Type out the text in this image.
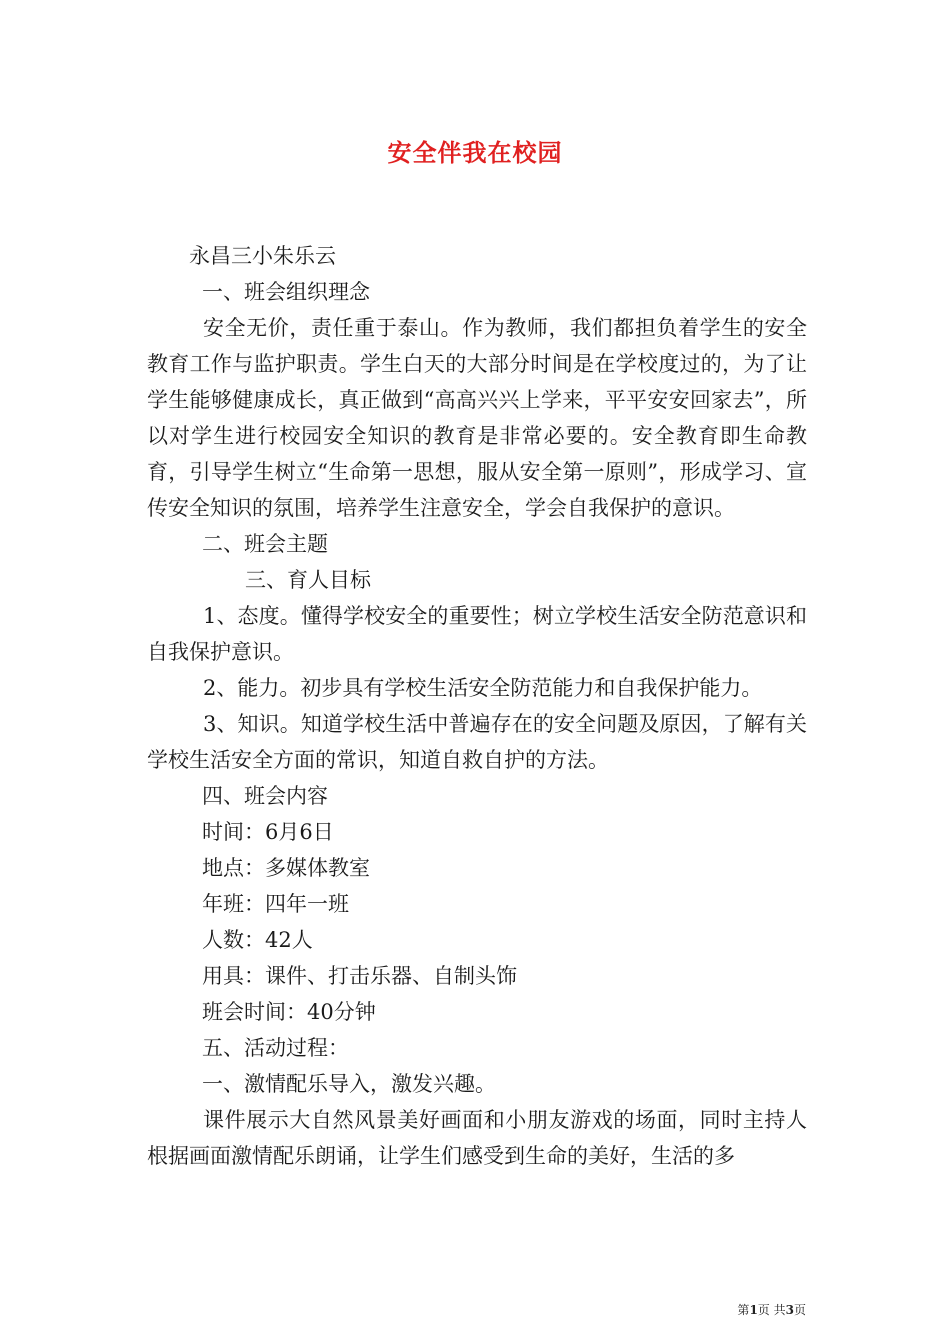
安全伴我在校园
永昌三小朱乐云
一、班会组织理念

安全无价，责任重于泰山。作为教师，我们都担负着学生的安全教育工作与监护职责。学生白天的大部分时间是在学校度过的，为了让学生能够健康成长，真正做到“高高兴兴上学来，平平安安回家去”，所以对学生进行校园安全知识的教育是非常必要的。安全教育即生命教育，引导学生树立“生命第一思想，服从安全第一原则”，形成学习、宣传安全知识的氛围，培养学生注意安全，学会自我保护的意识。

二、班会主题
三、育人目标

1、态度。懂得学校安全的重要性；树立学校生活安全防范意识和自我保护意识。

2、能力。初步具有学校生活安全防范能力和自我保护能力。

3、知识。知道学校生活中普遍存在的安全问题及原因，了解有关学校生活安全方面的常识，知道自救自护的方法。

四、班会内容
时间：6月6日
地点：多媒体教室
年班：四年一班
人数：42人
用具：课件、打击乐器、自制头饰
班会时间：40分钟
五、活动过程：
一、激情配乐导入，激发兴趣。

课件展示大自然风景美好画面和小朋友游戏的场面，同时主持人根据画面激情配乐朗诵，让学生们感受到生命的美好，生活的多

第1页 共3页
